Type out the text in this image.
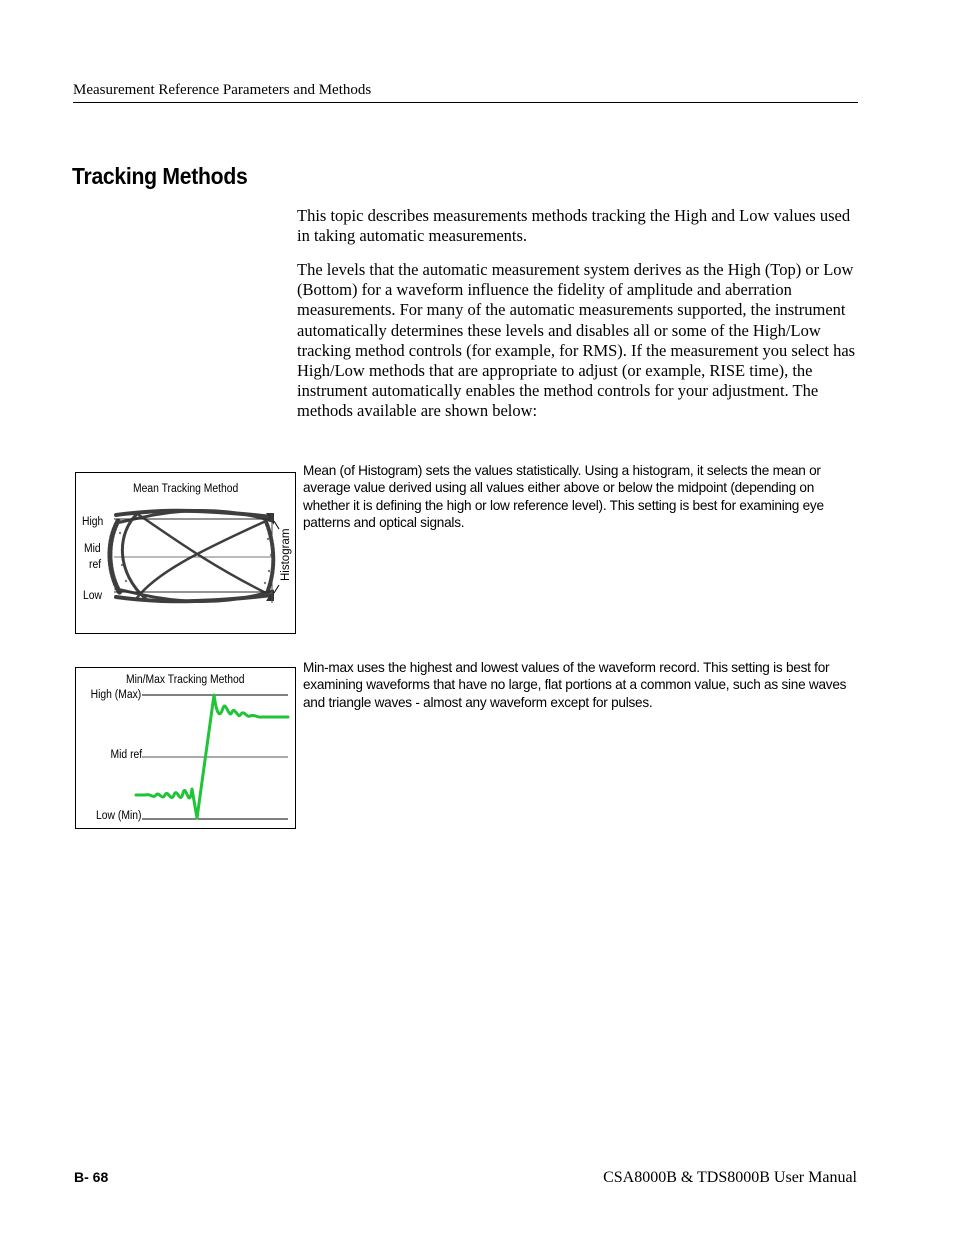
Measurement Reference Parameters and Methods
Tracking Methods

This topic describes measurements methods tracking the High and Low values used in taking automatic measurements.

The levels that the automatic measurement system derives as the High (Top) or Low (Bottom) for a waveform influence the fidelity of amplitude and aberration measurements. For many of the automatic measurements supported, the instrument automatically determines these levels and disables all or some of the High/Low tracking method controls (for example, for RMS). If the measurement you select has High/Low methods that are appropriate to adjust (or example, RISE time), the instrument automatically enables the method controls for your adjustment. The methods available are shown below:

Mean Tracking Method
High
Mid
ref
Low
Histogram

Mean (of Histogram) sets the values statistically. Using a histogram, it selects the mean or average value derived using all values either above or below the midpoint (depending on whether it is defining the high or low reference level). This setting is best for examining eye patterns and optical signals.

Min/Max Tracking Method
High (Max)
Mid ref
Low (Min)

Min-max uses the highest and lowest values of the waveform record. This setting is best for examining waveforms that have no large, flat portions at a common value, such as sine waves and triangle waves - almost any waveform except for pulses.

B- 68	CSA8000B & TDS8000B User Manual
